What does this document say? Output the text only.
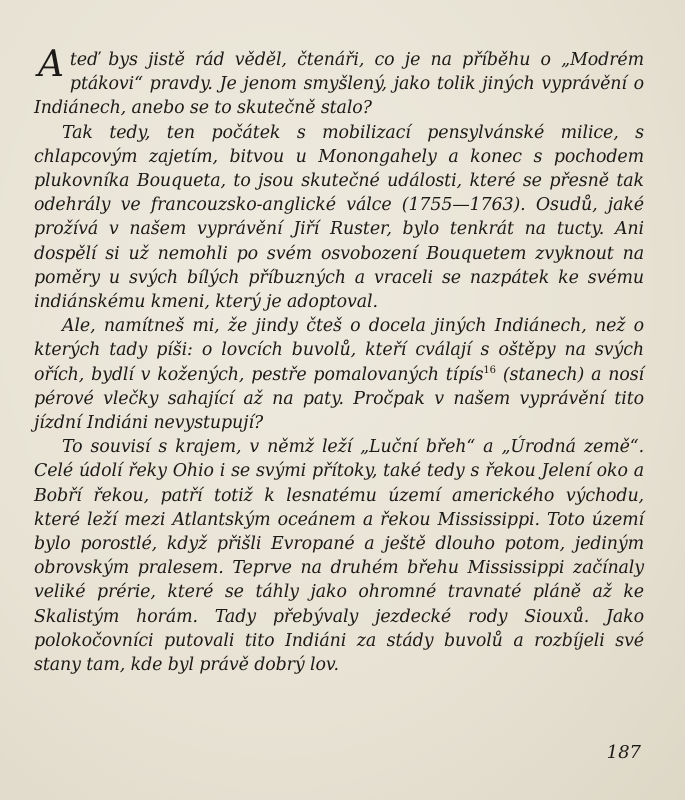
Ateď bys jistě rád věděl, čtenáři, co je na příběhu o „Modrém ptákovi“ pravdy. Je jenom smyšlený, jako tolik jiných vyprávění o Indiánech, anebo se to skutečně stalo?

Tak tedy, ten počátek s mobilizací pensylvánské milice, s chlapcovým zajetím, bitvou u Monongahely a konec s pochodem plukovníka Bouqueta, to jsou skutečné události, které se přesně tak odehrály ve francouzsko-anglické válce (1755—1763). Osudů, jaké prožívá v našem vyprávění Jiří Ruster, bylo tenkrát na tucty. Ani dospělí si už nemohli po svém osvobození Bouquetem zvyknout na poměry u svých bílých příbuzných a vraceli se nazpátek ke svému indiánskému kmeni, který je adoptoval.

Ale, namítneš mi, že jindy čteš o docela jiných Indiánech, než o kterých tady píši: o lovcích buvolů, kteří cválají s oštěpy na svých ořích, bydlí v kožených, pestře pomalovaných típís$^{16}$ (stanech) a nosí pérové vlečky sahající až na paty. Pročpak v našem vyprávění tito jízdní Indiáni nevystupují?

To souvisí s krajem, v němž leží „Luční břeh“ a „Úrodná země“. Celé údolí řeky Ohio i se svými přítoky, také tedy s řekou Jelení oko a Bobří řekou, patří totiž k lesnatému území amerického východu, které leží mezi Atlantským oceánem a řekou Mississippi. Toto území bylo porostlé, když přišli Evropané a ještě dlouho potom, jediným obrovským pralesem. Teprve na druhém břehu Mississippi začínaly veliké prérie, které se táhly jako ohromné travnaté pláně až ke Skalistým horám. Tady přebývaly jezdecké rody Siouxů. Jako polokočovníci putovali tito Indiáni za stády buvolů a rozbíjeli své stany tam, kde byl právě dobrý lov.

187
